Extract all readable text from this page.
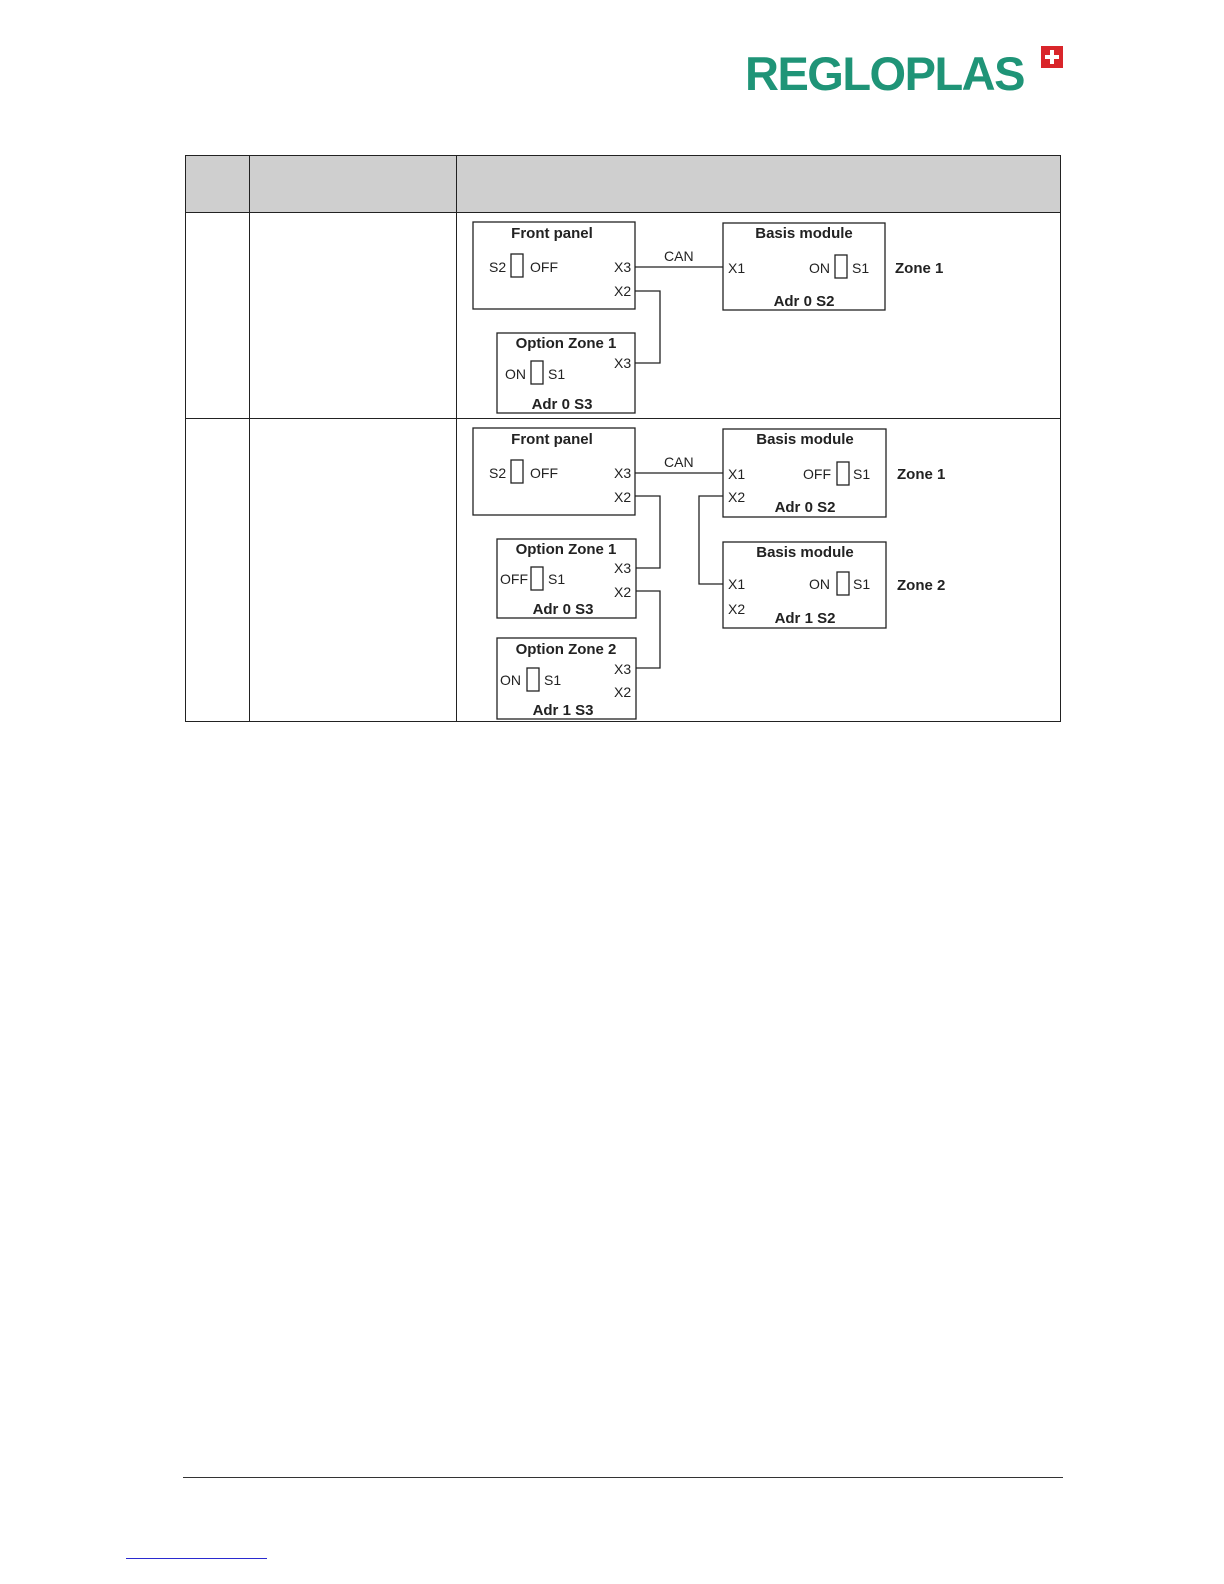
REGLOPLAS
Front panel
S2 OFF	X3
X2
CAN
Basis module
X1	ON S1
Adr 0 S2
Zone 1
Option Zone 1
ON S1
X3
Adr 0 S3
Front panel
S2 OFF	X3
X2
CAN
Basis module
X1
X2
OFF S1
Adr 0 S2
Zone 1
Basis module
X1
X2
ON S1
Adr 1 S2
Zone 2
Option Zone 1
OFF S1
X3
X2
Adr 0 S3
Option Zone 2
ON S1
X3
X2
Adr 1 S3
